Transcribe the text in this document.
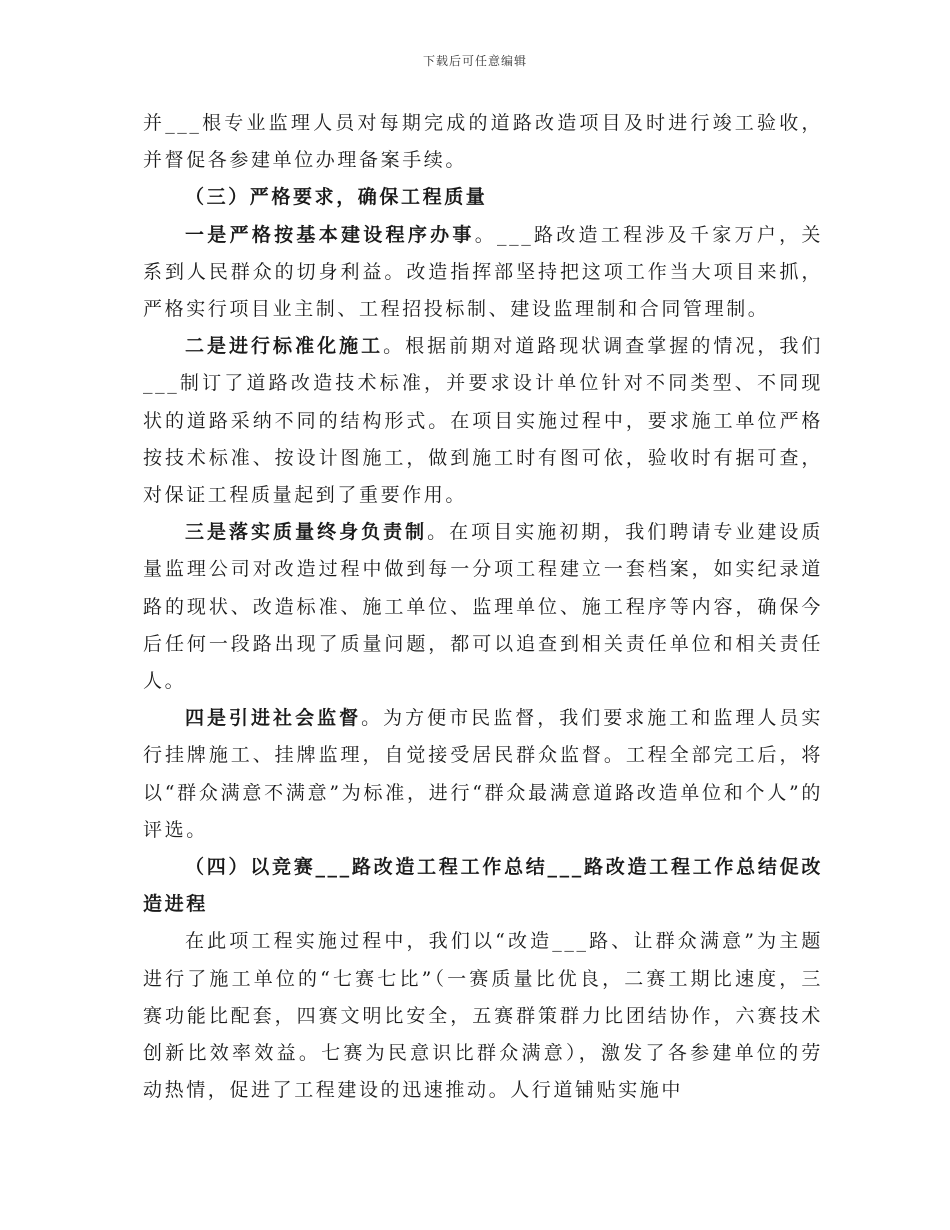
下载后可任意编辑

并___根专业监理人员对每期完成的道路改造项目及时进行竣工验收，并督促各参建单位办理备案手续。

（三）严格要求，确保工程质量

一是严格按基本建设程序办事。___路改造工程涉及千家万户，关系到人民群众的切身利益。改造指挥部坚持把这项工作当大项目来抓，严格实行项目业主制、工程招投标制、建设监理制和合同管理制。

二是进行标准化施工。根据前期对道路现状调查掌握的情况，我们___制订了道路改造技术标准，并要求设计单位针对不同类型、不同现状的道路采纳不同的结构形式。在项目实施过程中，要求施工单位严格按技术标准、按设计图施工，做到施工时有图可依，验收时有据可查，对保证工程质量起到了重要作用。

三是落实质量终身负责制。在项目实施初期，我们聘请专业建设质量监理公司对改造过程中做到每一分项工程建立一套档案，如实纪录道路的现状、改造标准、施工单位、监理单位、施工程序等内容，确保今后任何一段路出现了质量问题，都可以追查到相关责任单位和相关责任人。

四是引进社会监督。为方便市民监督，我们要求施工和监理人员实行挂牌施工、挂牌监理，自觉接受居民群众监督。工程全部完工后，将以“群众满意不满意”为标准，进行“群众最满意道路改造单位和个人”的评选。

（四）以竞赛___路改造工程工作总结___路改造工程工作总结促改造进程

在此项工程实施过程中，我们以“改造___路、让群众满意”为主题进行了施工单位的“七赛七比”（一赛质量比优良，二赛工期比速度，三赛功能比配套，四赛文明比安全，五赛群策群力比团结协作，六赛技术创新比效率效益。七赛为民意识比群众满意），激发了各参建单位的劳动热情，促进了工程建设的迅速推动。人行道铺贴实施中
